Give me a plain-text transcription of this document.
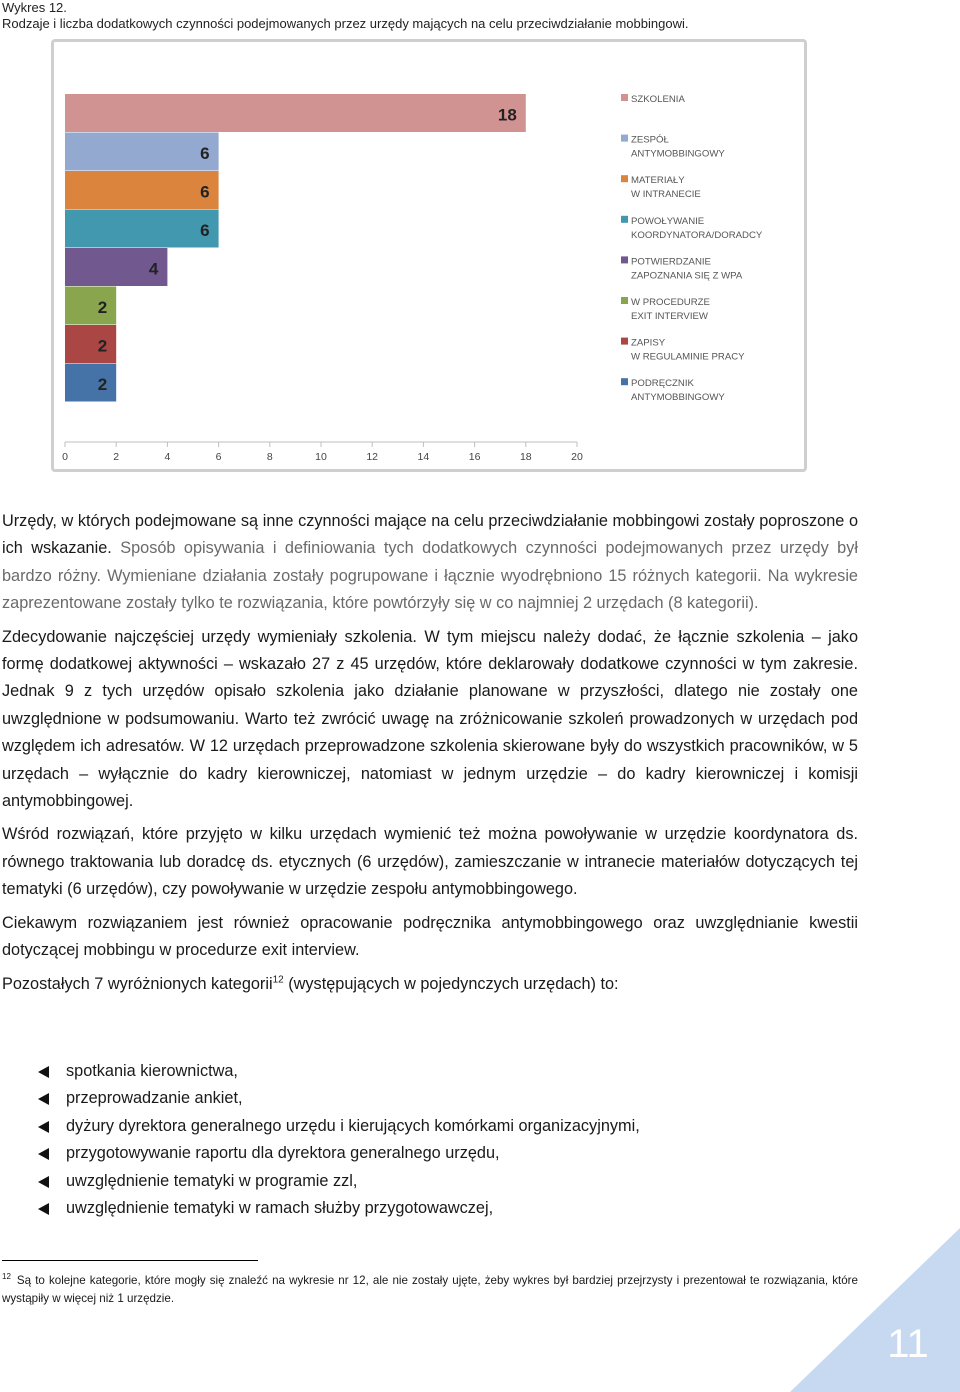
Wykres 12.
Rodzaje i liczba dodatkowych czynności podejmowanych przez urzędy mających na celu przeciwdziałanie mobbingowi.
2
2
2
4
6
6
6
18
0	2	4	6	8	10	12	14	16	18	20
SZKOLENIA
ZESPÓŁ ANTYMOBBINGOWY
MATERIAŁY W INTRANECIE
POWOŁYWANIE KOORDYNATORA/DORADCY
POTWIERDZANIE ZAPOZNANIA SIĘ Z WPA
W PROCEDURZE EXIT INTERVIEW
ZAPISY W REGULAMINIE PRACY
PODRĘCZNIK ANTYMOBBINGOWY

Urzędy, w których podejmowane są inne czynności mające na celu przeciwdziałanie mobbingowi zostały poproszone o ich wskazanie. Sposób opisywania i definiowania tych dodatkowych czynności podejmowanych przez urzędy był bardzo różny. Wymieniane działania zostały pogrupowane i łącznie wyodrębniono 15 różnych kategorii. Na wykresie zaprezentowane zostały tylko te rozwiązania, które powtórzyły się w co najmniej 2 urzędach (8 kategorii).

Zdecydowanie najczęściej urzędy wymieniały szkolenia. W tym miejscu należy dodać, że łącznie szkolenia – jako formę dodatkowej aktywności – wskazało 27 z 45 urzędów, które deklarowały dodatkowe czynności w tym zakresie. Jednak 9 z tych urzędów opisało szkolenia jako działanie planowane w przyszłości, dlatego nie zostały one uwzględnione w podsumowaniu. Warto też zwrócić uwagę na zróżnicowanie szkoleń prowadzonych w urzędach pod względem ich adresatów. W 12 urzędach przeprowadzone szkolenia skierowane były do wszystkich pracowników, w 5 urzędach – wyłącznie do kadry kierowniczej, natomiast w jednym urzędzie – do kadry kierowniczej i komisji antymobbingowej.

Wśród rozwiązań, które przyjęto w kilku urzędach wymienić też można powoływanie w urzędzie koordynatora ds. równego traktowania lub doradcę ds. etycznych (6 urzędów), zamieszczanie w intranecie materiałów dotyczących tej tematyki (6 urzędów), czy powoływanie w urzędzie zespołu antymobbingowego.

Ciekawym rozwiązaniem jest również opracowanie podręcznika antymobbingowego oraz uwzględnianie kwestii dotyczącej mobbingu w procedurze exit interview.

Pozostałych 7 wyróżnionych kategorii$^{12}$ (występujących w pojedynczych urzędach) to:

spotkania kierownictwa,
przeprowadzanie ankiet,
dyżury dyrektora generalnego urzędu i kierujących komórkami organizacyjnymi,
przygotowywanie raportu dla dyrektora generalnego urzędu,
uwzględnienie tematyki w programie zzl,
uwzględnienie tematyki w ramach służby przygotowawczej,
$^{12}$ Są to kolejne kategorie, które mogły się znaleźć na wykresie nr 12, ale nie zostały ujęte, żeby wykres był bardziej przejrzysty i prezentował te rozwiązania, które wystąpiły w więcej niż 1 urzędzie.
11
